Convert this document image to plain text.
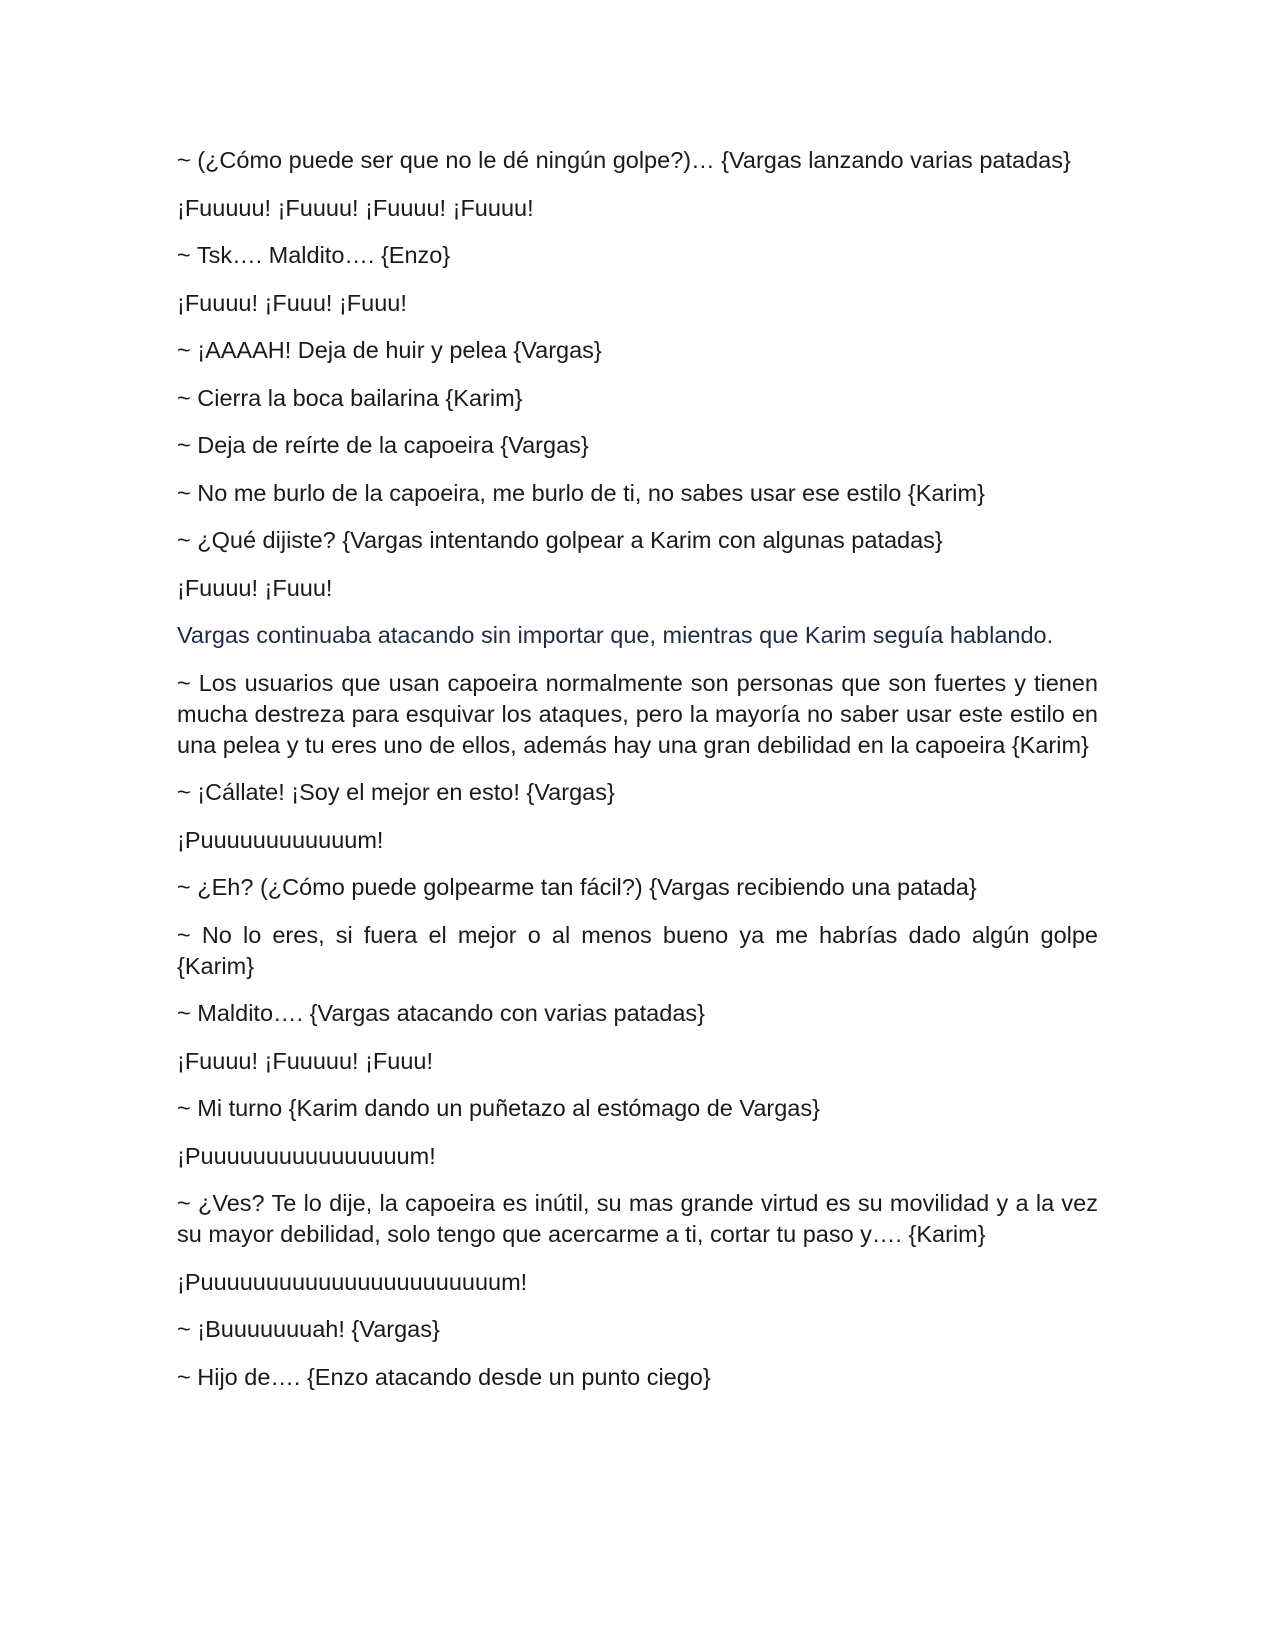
~ (¿Cómo puede ser que no le dé ningún golpe?)… {Vargas lanzando varias patadas}

¡Fuuuuu! ¡Fuuuu! ¡Fuuuu! ¡Fuuuu!

~ Tsk…. Maldito…. {Enzo}

¡Fuuuu! ¡Fuuu! ¡Fuuu!

~ ¡AAAAH! Deja de huir y pelea {Vargas}

~ Cierra la boca bailarina {Karim}

~ Deja de reírte de la capoeira {Vargas}

~ No me burlo de la capoeira, me burlo de ti, no sabes usar ese estilo {Karim}

~ ¿Qué dijiste? {Vargas intentando golpear a Karim con algunas patadas}

¡Fuuuu! ¡Fuuu!

Vargas continuaba atacando sin importar que, mientras que Karim seguía hablando.

~ Los usuarios que usan capoeira normalmente son personas que son fuertes y tienen mucha destreza para esquivar los ataques, pero la mayoría no saber usar este estilo en una pelea y tu eres uno de ellos, además hay una gran debilidad en la capoeira {Karim}

~ ¡Cállate! ¡Soy el mejor en esto! {Vargas}

¡Puuuuuuuuuuuum!

~ ¿Eh? (¿Cómo puede golpearme tan fácil?) {Vargas recibiendo una patada}

~ No lo eres, si fuera el mejor o al menos bueno ya me habrías dado algún golpe {Karim}

~ Maldito…. {Vargas atacando con varias patadas}

¡Fuuuu! ¡Fuuuuu! ¡Fuuu!

~ Mi turno {Karim dando un puñetazo al estómago de Vargas}

¡Puuuuuuuuuuuuuuuum!

~ ¿Ves? Te lo dije, la capoeira es inútil, su mas grande virtud es su movilidad y a la vez su mayor debilidad, solo tengo que acercarme a ti, cortar tu paso y…. {Karim}

¡Puuuuuuuuuuuuuuuuuuuuuuum!

~ ¡Buuuuuuuah! {Vargas}

~ Hijo de…. {Enzo atacando desde un punto ciego}
